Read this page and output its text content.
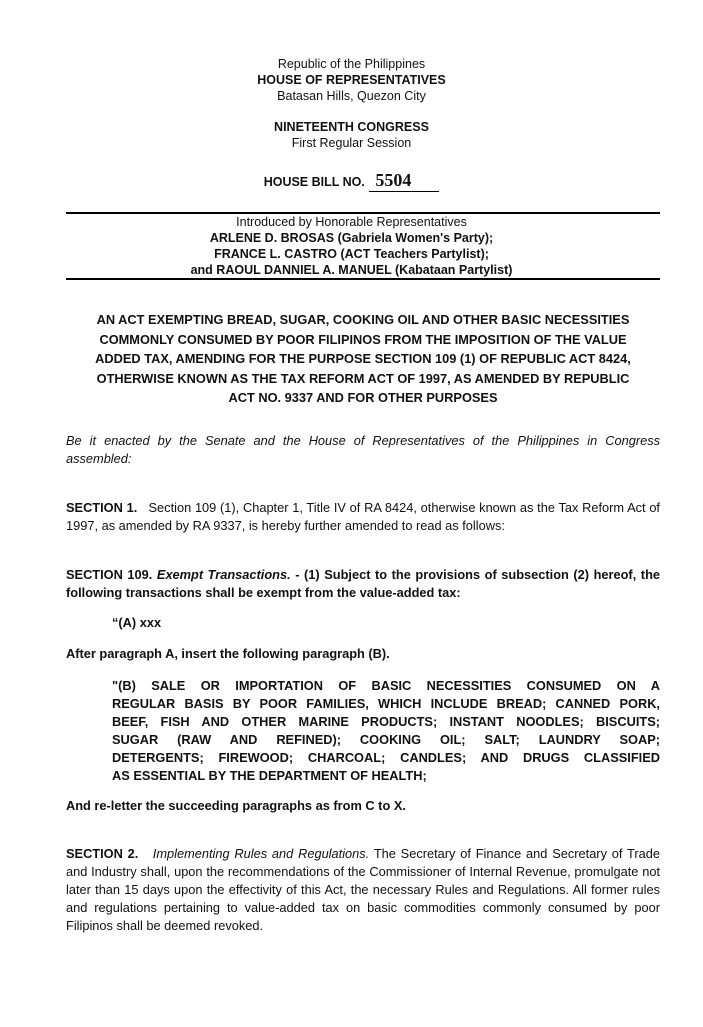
Republic of the Philippines
HOUSE OF REPRESENTATIVES
Batasan Hills, Quezon City
NINETEENTH CONGRESS
First Regular Session
HOUSE BILL NO. 5504
Introduced by Honorable Representatives
ARLENE D. BROSAS (Gabriela Women's Party);
FRANCE L. CASTRO (ACT Teachers Partylist);
and RAOUL DANNIEL A. MANUEL (Kabataan Partylist)
AN ACT EXEMPTING BREAD, SUGAR, COOKING OIL AND OTHER BASIC NECESSITIES
COMMONLY CONSUMED BY POOR FILIPINOS FROM THE IMPOSITION OF THE VALUE
ADDED TAX, AMENDING FOR THE PURPOSE SECTION 109 (1) OF REPUBLIC ACT 8424,
OTHERWISE KNOWN AS THE TAX REFORM ACT OF 1997, AS AMENDED BY REPUBLIC
ACT NO. 9337 AND FOR OTHER PURPOSES
Be it enacted by the Senate and the House of Representatives of the Philippines in Congress assembled:
SECTION 1. Section 109 (1), Chapter 1, Title IV of RA 8424, otherwise known as the Tax Reform Act of 1997, as amended by RA 9337, is hereby further amended to read as follows:
SECTION 109. Exempt Transactions. - (1) Subject to the provisions of subsection (2) hereof, the following transactions shall be exempt from the value-added tax:
“(A) xxx
After paragraph A, insert the following paragraph (B).
"(B) SALE OR IMPORTATION OF BASIC NECESSITIES CONSUMED ON A
REGULAR BASIS BY POOR FAMILIES, WHICH INCLUDE BREAD; CANNED PORK,
BEEF, FISH AND OTHER MARINE PRODUCTS; INSTANT NOODLES; BISCUITS;
SUGAR (RAW AND REFINED); COOKING OIL; SALT; LAUNDRY SOAP;
DETERGENTS; FIREWOOD; CHARCOAL; CANDLES; AND DRUGS CLASSIFIED
AS ESSENTIAL BY THE DEPARTMENT OF HEALTH;
And re-letter the succeeding paragraphs as from C to X.
SECTION 2. Implementing Rules and Regulations. The Secretary of Finance and Secretary of Trade and Industry shall, upon the recommendations of the Commissioner of Internal Revenue, promulgate not later than 15 days upon the effectivity of this Act, the necessary Rules and Regulations. All former rules and regulations pertaining to value-added tax on basic commodities commonly consumed by poor Filipinos shall be deemed revoked.
